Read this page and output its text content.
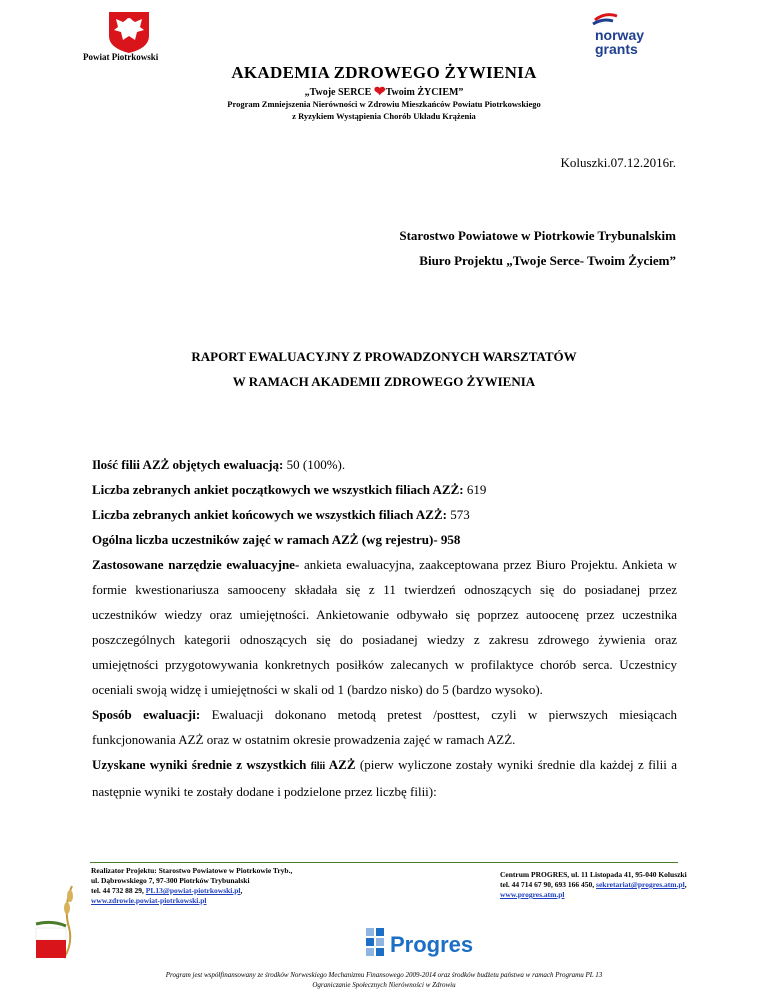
Powiat Piotrkowski
norway
grants
AKADEMIA ZDROWEGO ŻYWIENIA
„Twoje SERCE ❤Twoim ŻYCIEM”
Program Zmniejszenia Nierówności w Zdrowiu Mieszkańców Powiatu Piotrkowskiego
z Ryzykiem Wystąpienia Chorób Układu Krążenia
Koluszki.07.12.2016r.
Starostwo Powiatowe w Piotrkowie Trybunalskim
Biuro Projektu „Twoje Serce- Twoim Życiem”
RAPORT EWALUACYJNY Z PROWADZONYCH WARSZTATÓW
W RAMACH AKADEMII ZDROWEGO ŻYWIENIA
Ilość filii AZŻ objętych ewaluacją: 50 (100%).
Liczba zebranych ankiet początkowych we wszystkich filiach AZŻ: 619
Liczba zebranych ankiet końcowych we wszystkich filiach AZŻ: 573
Ogólna liczba uczestników zajęć w ramach AZŻ (wg rejestru)- 958
Zastosowane narzędzie ewaluacyjne- ankieta ewaluacyjna, zaakceptowana przez Biuro Projektu. Ankieta w formie kwestionariusza samooceny składała się z 11 twierdzeń odnoszących się do posiadanej przez uczestników wiedzy oraz umiejętności. Ankietowanie odbywało się poprzez autoocenę przez uczestnika poszczególnych kategorii odnoszących się do posiadanej wiedzy z zakresu zdrowego żywienia oraz umiejętności przygotowywania konkretnych posiłków zalecanych w profilaktyce chorób serca. Uczestnicy oceniali swoją widzę i umiejętności w skali od 1 (bardzo nisko) do 5 (bardzo wysoko).
Sposób ewaluacji: Ewaluacji dokonano metodą pretest /posttest, czyli w pierwszych miesiącach funkcjonowania AZŻ oraz w ostatnim okresie prowadzenia zajęć w ramach AZŻ.
Uzyskane wyniki średnie z wszystkich filii AZŻ (pierw wyliczone zostały wyniki średnie dla każdej z filii a następnie wyniki te zostały dodane i podzielone przez liczbę filii):
Realizator Projektu: Starostwo Powiatowe w Piotrkowie Tryb.,
ul. Dąbrowskiego 7, 97-300 Piotrków Trybunalski
tel. 44 732 88 29, PL13@powiat-piotrkowski.pl,
www.zdrowie.powiat-piotrkowski.pl
Progres
Centrum PROGRES, ul. 11 Listopada 41, 95-040 Koluszki
tel. 44 714 67 90, 693 166 450, sekretariat@progres.atm.pl,
www.progres.atm.pl
Program jest współfinansowany ze środków Norweskiego Mechanizmu Finansowego 2009-2014 oraz środków budżetu państwa w ramach Programu PL 13
Ograniczanie Społecznych Nierówności w Zdrowiu
